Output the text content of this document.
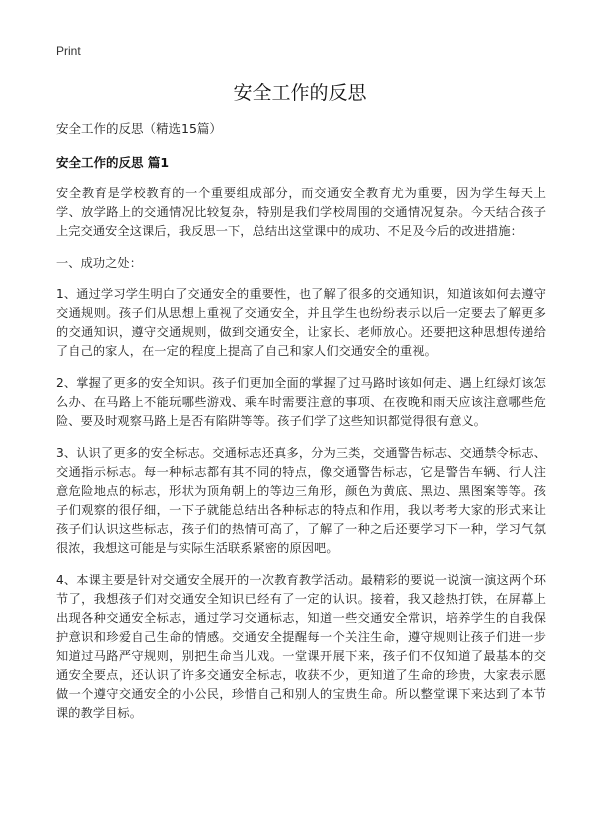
Print
安全工作的反思

安全工作的反思（精选15篇）

安全工作的反思 篇1

安全教育是学校教育的一个重要组成部分，而交通安全教育尤为重要，因为学生每天上学、放学路上的交通情况比较复杂，特别是我们学校周围的交通情况复杂。今天结合孩子上完交通安全这课后，我反思一下，总结出这堂课中的成功、不足及今后的改进措施：

一、成功之处：

1、通过学习学生明白了交通安全的重要性，也了解了很多的交通知识，知道该如何去遵守交通规则。孩子们从思想上重视了交通安全，并且学生也纷纷表示以后一定要去了解更多的交通知识，遵守交通规则，做到交通安全，让家长、老师放心。还要把这种思想传递给了自己的家人，在一定的程度上提高了自己和家人们交通安全的重视。

2、掌握了更多的安全知识。孩子们更加全面的掌握了过马路时该如何走、遇上红绿灯该怎么办、在马路上不能玩哪些游戏、乘车时需要注意的事项、在夜晚和雨天应该注意哪些危险、要及时观察马路上是否有陷阱等等。孩子们学了这些知识都觉得很有意义。

3、认识了更多的安全标志。交通标志还真多，分为三类，交通警告标志、交通禁令标志、交通指示标志。每一种标志都有其不同的特点，像交通警告标志，它是警告车辆、行人注意危险地点的标志，形状为顶角朝上的等边三角形，颜色为黄底、黑边、黑图案等等。孩子们观察的很仔细，一下子就能总结出各种标志的特点和作用，我以考考大家的形式来让孩子们认识这些标志，孩子们的热情可高了，了解了一种之后还要学习下一种，学习气氛很浓，我想这可能是与实际生活联系紧密的原因吧。

4、本课主要是针对交通安全展开的一次教育教学活动。最精彩的要说一说演一演这两个环节了，我想孩子们对交通安全知识已经有了一定的认识。接着，我又趁热打铁，在屏幕上出现各种交通安全标志，通过学习交通标志，知道一些交通安全常识，培养学生的自我保护意识和珍爱自己生命的情感。交通安全提醒每一个关注生命，遵守规则让孩子们进一步知道过马路严守规则，别把生命当儿戏。一堂课开展下来，孩子们不仅知道了最基本的交通安全要点，还认识了许多交通安全标志，收获不少，更知道了生命的珍贵，大家表示愿做一个遵守交通安全的小公民，珍惜自己和别人的宝贵生命。所以整堂课下来达到了本节课的教学目标。
